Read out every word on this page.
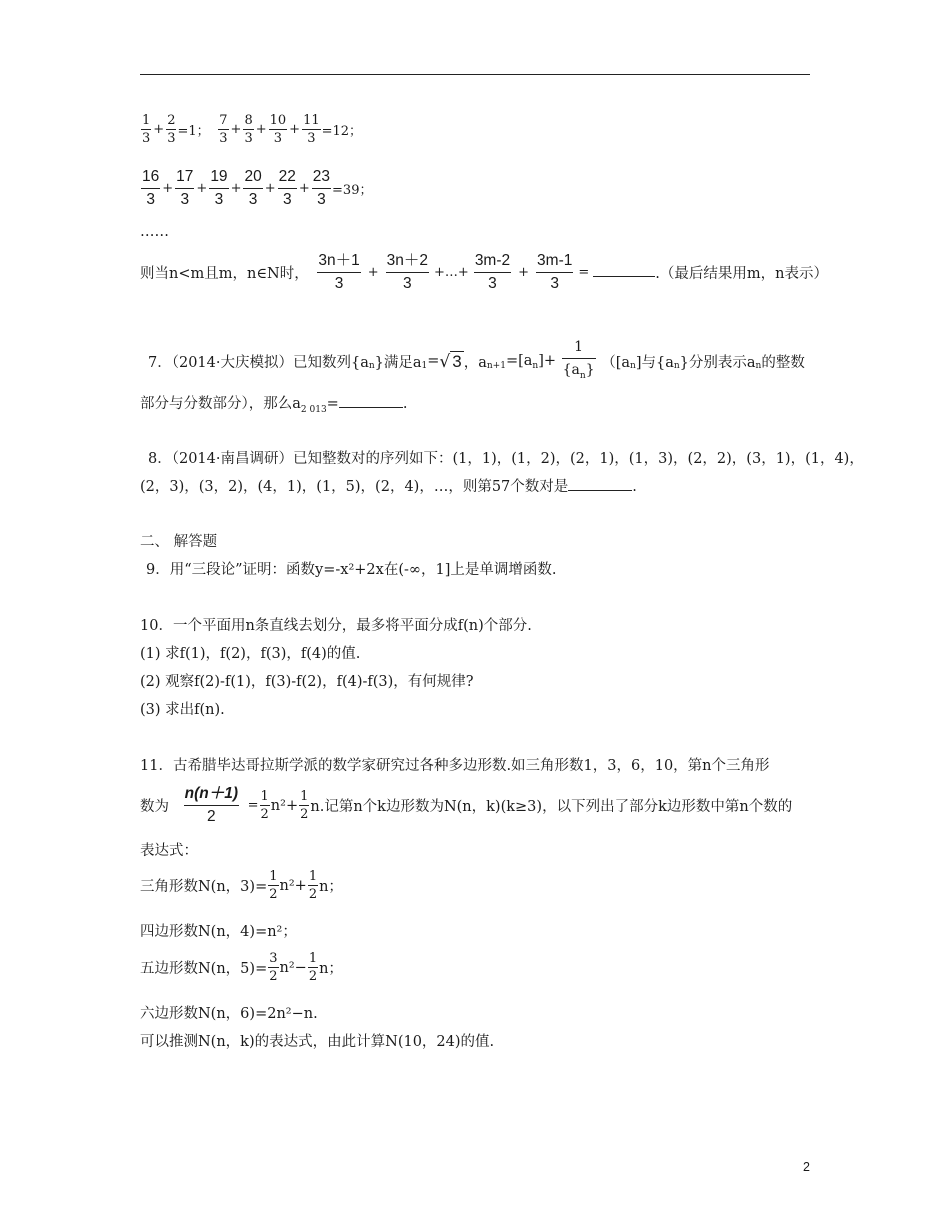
$\frac{1}{3} + \frac{2}{3} =1$； $\frac{7}{3} + \frac{8}{3} + \frac{10}{3} + \frac{11}{3} =12$；
$\frac{16}{3} + \frac{17}{3} + \frac{19}{3} + \frac{20}{3} + \frac{22}{3} + \frac{23}{3} =39$；
……
则当n<m且m，n∈N时， $\frac{3n+1}{3} + \frac{3n+2}{3}$ +…+ $\frac{3m-2}{3} + \frac{3m-1}{3}$ =	.（最后结果用m，n表示）
7．（2014·大庆模拟）已知数列$\{a_n\}$满足$a_1=√$ 3 ，$a_{n+1}=[a_n]+ \frac{1}{\{a_n\}} ([a_n]$与$\{a_n\}$分别表示$a_n$的整数
部分与分数部分），那么$a_{2 013}=$	.
8．（2014·南昌调研）已知整数对的序列如下：(1，1)，(1，2)，(2，1)，(1，3)，(2，2)，(3，1)，(1，4)，
(2，3)，(3，2)，(4，1)，(1，5)，(2，4)，…，则第57个数对是	.
二、 解答题
9．用“三段论”证明：函数y=-x²+2x在(-∞，1]上是单调增函数.
10．一个平面用n条直线去划分，最多将平面分成f(n)个部分.
(1) 求f(1)，f(2)，f(3)，f(4)的值.
(2) 观察f(2)-f(1)，f(3)-f(2)，f(4)-f(3)，有何规律?
(3) 求出f(n).
11．古希腊毕达哥拉斯学派的数学家研究过各种多边形数.如三角形数1，3，6，10，第n个三角形
数为 $\frac{n(n+1)}{2} = \frac{1}{2} n^2+ \frac{1}{2} n$.记第n个k边形数为N(n，k)(k≥3)，以下列出了部分k边形数中第n个数的
表达式：
三角形数N(n，$3)= \frac{1}{2} n^2+ \frac{1}{2}$ n；
四边形数N(n，4)=n²；
五边形数N(n，$5)= \frac{3}{2} n^2- \frac{1}{2}$ n；
六边形数N(n，6)=2n²−n.
可以推测N(n，k)的表达式，由此计算N(10，24)的值.
2
